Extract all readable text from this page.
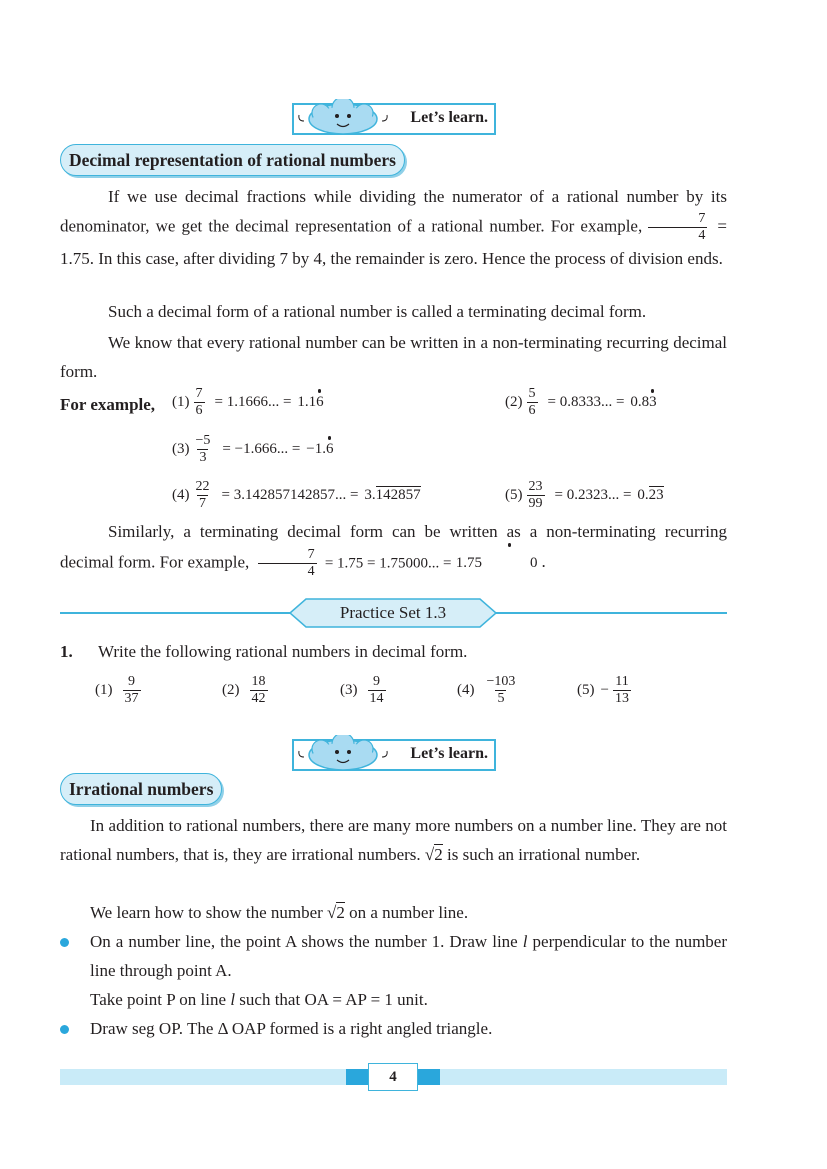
Let’s learn.
Decimal representation of rational numbers
If we use decimal fractions while dividing the numerator of a rational number by its denominator, we get the decimal representation of a rational number. For example, $\frac{7}{4} = 1.75$. In this case, after dividing 7 by 4, the remainder is zero. Hence the process of division ends.
Such a decimal form of a rational number is called a terminating decimal form.
We know that every rational number can be written in a non-terminating recurring decimal form.
For example, $(1) \frac{7}{6} = 1.1666$... = 1.16	$(2) \frac{5}{6} = 0.8333$... = 0.83
$(3) \frac{-5}{3} = -1.666$... = −1.6
$(4) \frac{22}{7} = 3.142857142857$... = 3.142857	$(5) \frac{23}{99} = 0.2323$... = 0.23
Similarly, a terminating decimal form can be written as a non-terminating recurring decimal form. For example, $\frac{7}{4} = 1.75 = 1.75000$... = 1.75	0 .
Practice Set 1.3
1. Write the following rational numbers in decimal form.
$(1) \frac{9}{37}$	$(2) \frac{18}{42}$	$(3) \frac{9}{14}$	$(4) \frac{-103}{5}$	$(5) - \frac{11}{13}$
Let’s learn.
Irrational numbers
In addition to rational numbers, there are many more numbers on a number line. They are not rational numbers, that is, they are irrational numbers. √2 is such an irrational number.
We learn how to show the number √2 on a number line.
On a number line, the point A shows the number 1. Draw line l perpendicular to the number line through point A.
Take point P on line l such that OA = AP = 1 unit.
Draw seg OP. The Δ OAP formed is a right angled triangle.
4
